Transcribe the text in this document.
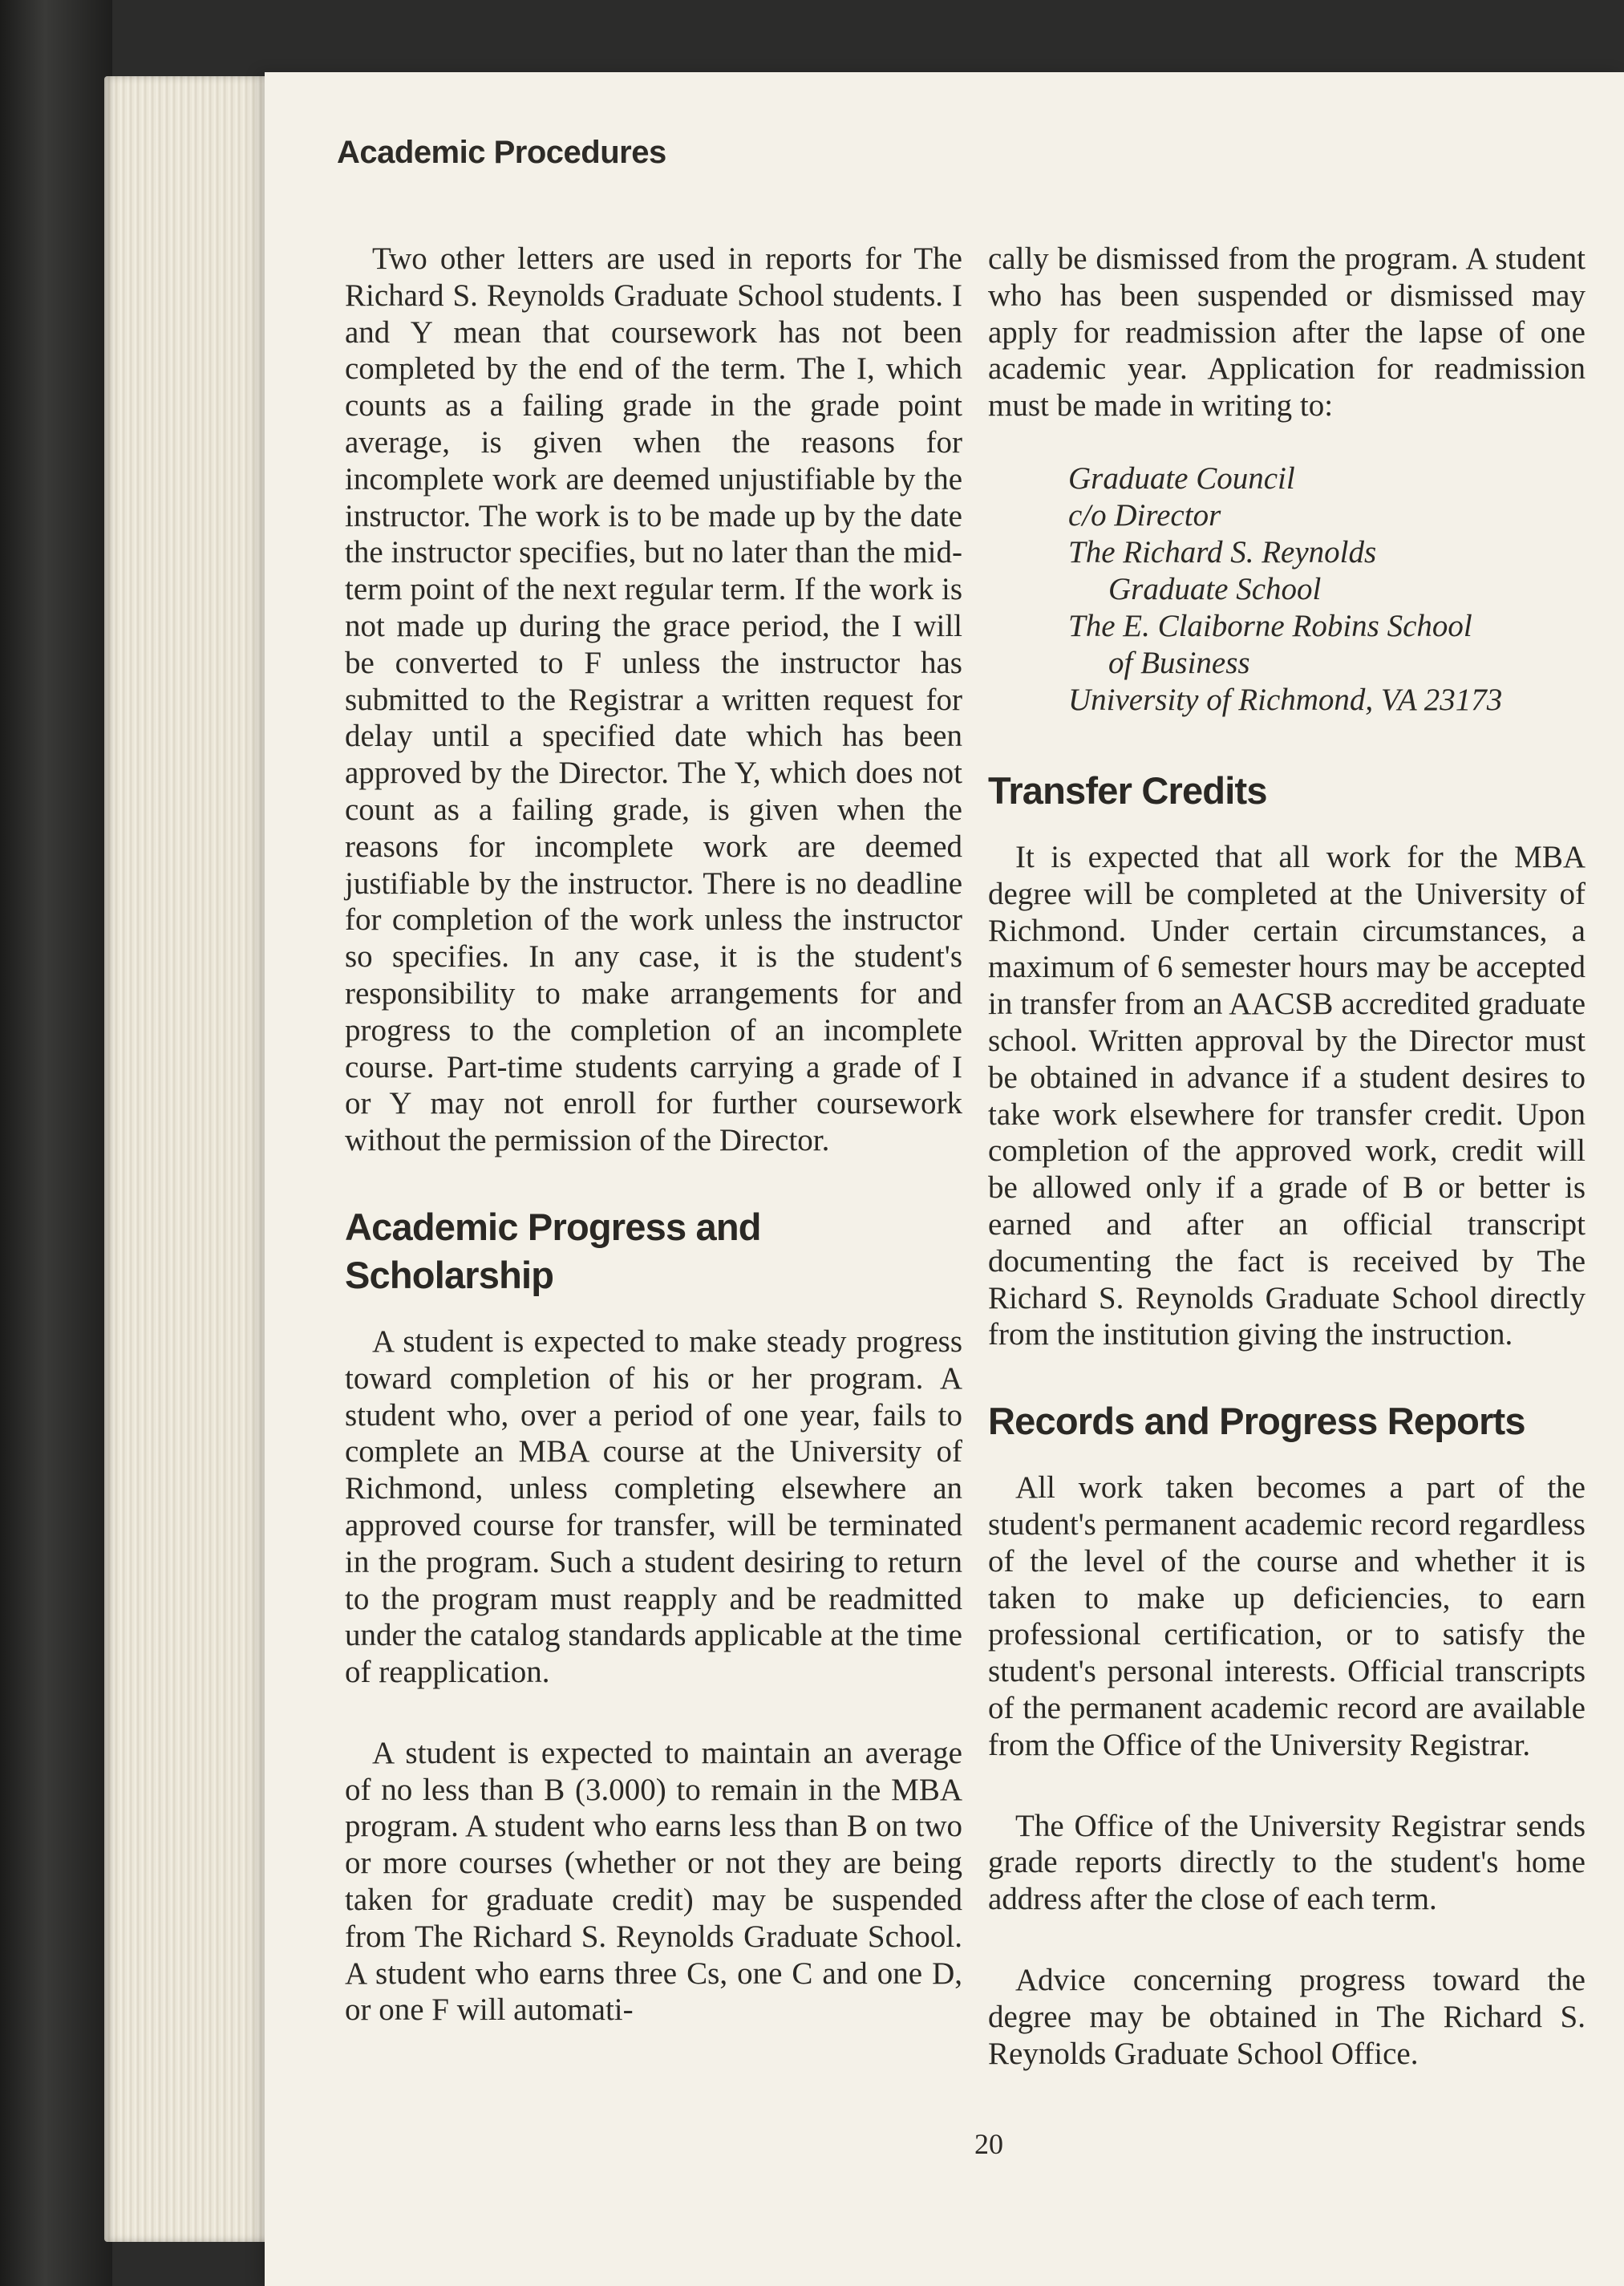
Academic Procedures

Two other letters are used in reports for The Richard S. Reynolds Graduate School students. I and Y mean that coursework has not been completed by the end of the term. The I, which counts as a failing grade in the grade point average, is given when the reasons for incomplete work are deemed unjustifiable by the instructor. The work is to be made up by the date the instructor specifies, but no later than the mid-term point of the next regular term. If the work is not made up during the grace period, the I will be converted to F unless the instructor has submitted to the Registrar a written request for delay until a specified date which has been approved by the Director. The Y, which does not count as a failing grade, is given when the reasons for incomplete work are deemed justifiable by the instructor. There is no deadline for completion of the work unless the instructor so specifies. In any case, it is the student's responsibility to make arrangements for and progress to the completion of an incomplete course. Part-time students carrying a grade of I or Y may not enroll for further coursework without the permission of the Director.

Academic Progress and Scholarship

A student is expected to make steady progress toward completion of his or her program. A student who, over a period of one year, fails to complete an MBA course at the University of Richmond, unless completing elsewhere an approved course for transfer, will be terminated in the program. Such a student desiring to return to the program must reapply and be readmitted under the catalog standards applicable at the time of reapplication.

A student is expected to maintain an average of no less than B (3.000) to remain in the MBA program. A student who earns less than B on two or more courses (whether or not they are being taken for graduate credit) may be suspended from The Richard S. Reynolds Graduate School. A student who earns three Cs, one C and one D, or one F will automati-

cally be dismissed from the program. A student who has been suspended or dismissed may apply for readmission after the lapse of one academic year. Application for readmission must be made in writing to:

Graduate Council
c/o Director
The Richard S. Reynolds
Graduate School
The E. Claiborne Robins School
of Business
University of Richmond, VA 23173
Transfer Credits

It is expected that all work for the MBA degree will be completed at the University of Richmond. Under certain circumstances, a maximum of 6 semester hours may be accepted in transfer from an AACSB accredited graduate school. Written approval by the Director must be obtained in advance if a student desires to take work elsewhere for transfer credit. Upon completion of the approved work, credit will be allowed only if a grade of B or better is earned and after an official transcript documenting the fact is received by The Richard S. Reynolds Graduate School directly from the institution giving the instruction.

Records and Progress Reports

All work taken becomes a part of the student's permanent academic record regardless of the level of the course and whether it is taken to make up deficiencies, to earn professional certification, or to satisfy the student's personal interests. Official transcripts of the permanent academic record are available from the Office of the University Registrar.

The Office of the University Registrar sends grade reports directly to the student's home address after the close of each term.

Advice concerning progress toward the degree may be obtained in The Richard S. Reynolds Graduate School Office.

20
